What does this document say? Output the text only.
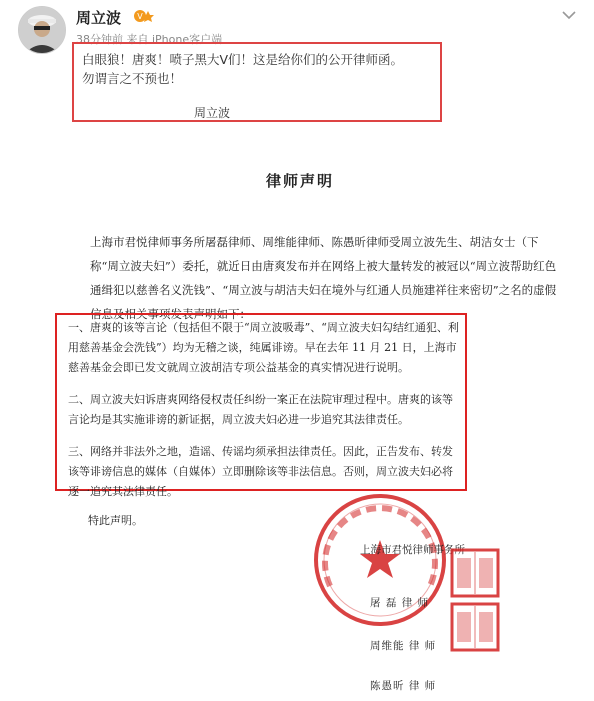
周立波 V
38分钟前 来自 iPhone客户端
白眼狼！唐爽！喷子黑大V们！这是给你们的公开律师函。
勿谓言之不预也！
周立波
律师声明
上海市君悦律师事务所屠磊律师、周维能律师、陈愚昕律师受周立波先生、胡洁女士（下称“周立波夫妇”）委托，就近日由唐爽发布并在网络上被大量转发的被冠以“周立波帮助红色通缉犯以慈善名义洗钱”、“周立波与胡洁夫妇在境外与红通人员施建祥往来密切”之名的虚假信息及相关事项发表声明如下：
一、唐爽的该等言论（包括但不限于“周立波吸毒”、“周立波夫妇勾结红通犯、利用慈善基金会洗钱”）均为无稽之谈，纯属诽谤。早在去年 11 月 21 日，上海市慈善基金会即已发文就周立波胡洁专项公益基金的真实情况进行说明。
二、周立波夫妇诉唐爽网络侵权责任纠纷一案正在法院审理过程中。唐爽的该等言论均是其实施诽谤的新证据，周立波夫妇必进一步追究其法律责任。
三、网络并非法外之地，造谣、传谣均须承担法律责任。因此，正告发布、转发该等诽谤信息的媒体（自媒体）立即删除该等非法信息。否则，周立波夫妇必将逐一追究其法律责任。
特此声明。
上海市君悦律师事务所
屠 磊 律 师
周维能 律 师
陈愚昕 律 师
